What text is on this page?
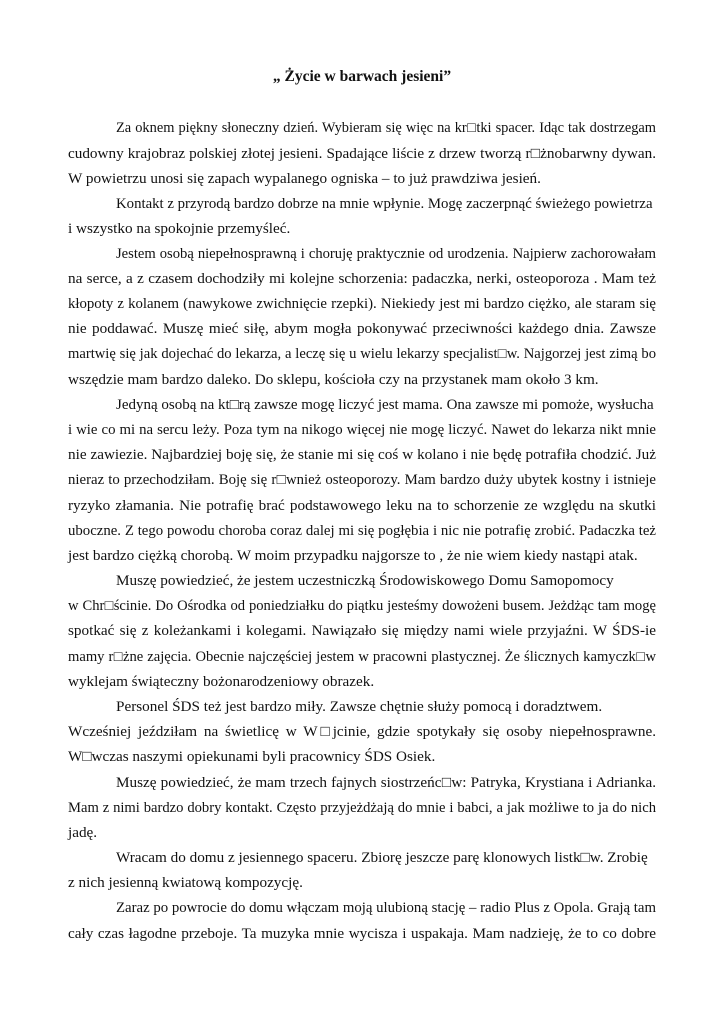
„ Życie w barwach jesieni”
Za oknem piękny słoneczny dzień. Wybieram się więc na kr□tki spacer. Idąc tak dostrzegam
cudowny krajobraz polskiej złotej jesieni. Spadające liście z drzew tworzą r□żnobarwny dywan.
W powietrzu unosi się zapach wypalanego ogniska – to już prawdziwa jesień.
Kontakt z przyrodą bardzo dobrze na mnie wpłynie. Mogę zaczerpnąć świeżego powietrza
i wszystko na spokojnie przemyśleć.
Jestem osobą niepełnosprawną i choruję praktycznie od urodzenia. Najpierw zachorowałam
na serce, a z czasem dochodziły mi kolejne schorzenia: padaczka, nerki, osteoporoza . Mam też
kłopoty z kolanem (nawykowe zwichnięcie rzepki). Niekiedy jest mi bardzo ciężko, ale staram się
nie poddawać. Muszę mieć siłę, abym mogła pokonywać przeciwności każdego dnia. Zawsze
martwię się jak dojechać do lekarza, a leczę się u wielu lekarzy specjalist□w. Najgorzej jest zimą bo
wszędzie mam bardzo daleko. Do sklepu, kościoła czy na przystanek mam około 3 km.
Jedyną osobą na kt□rą zawsze mogę liczyć jest mama. Ona zawsze mi pomoże, wysłucha
i wie co mi na sercu leży. Poza tym na nikogo więcej nie mogę liczyć. Nawet do lekarza nikt mnie
nie zawiezie. Najbardziej boję się, że stanie mi się coś w kolano i nie będę potrafiła chodzić. Już
nieraz to przechodziłam. Boję się r□wnież osteoporozy. Mam bardzo duży ubytek kostny i istnieje
ryzyko złamania. Nie potrafię brać podstawowego leku na to schorzenie ze względu na skutki
uboczne. Z tego powodu choroba coraz dalej mi się pogłębia i nic nie potrafię zrobić. Padaczka też
jest bardzo ciężką chorobą. W moim przypadku najgorsze to , że nie wiem kiedy nastąpi atak.
Muszę powiedzieć, że jestem uczestniczką Środowiskowego Domu Samopomocy
w Chr□ścinie. Do Ośrodka od poniedziałku do piątku jesteśmy dowożeni busem. Jeżdżąc tam mogę
spotkać się z koleżankami i kolegami. Nawiązało się między nami wiele przyjaźni. W ŚDS-ie
mamy r□żne zajęcia. Obecnie najczęściej jestem w pracowni plastycznej. Że ślicznych kamyczk□w
wyklejam świąteczny bożonarodzeniowy obrazek.
Personel ŚDS też jest bardzo miły. Zawsze chętnie służy pomocą i doradztwem.
Wcześniej jeździłam na świetlicę w W□jcinie, gdzie spotykały się osoby niepełnosprawne.
W□wczas naszymi opiekunami byli pracownicy ŚDS Osiek.
Muszę powiedzieć, że mam trzech fajnych siostrzeńc□w: Patryka, Krystiana i Adrianka.
Mam z nimi bardzo dobry kontakt. Często przyjeżdżają do mnie i babci, a jak możliwe to ja do nich
jadę.
Wracam do domu z jesiennego spaceru. Zbiorę jeszcze parę klonowych listk□w. Zrobię
z nich jesienną kwiatową kompozycję.
Zaraz po powrocie do domu włączam moją ulubioną stację – radio Plus z Opola. Grają tam
cały czas łagodne przeboje. Ta muzyka mnie wycisza i uspakaja. Mam nadzieję, że to co dobre
